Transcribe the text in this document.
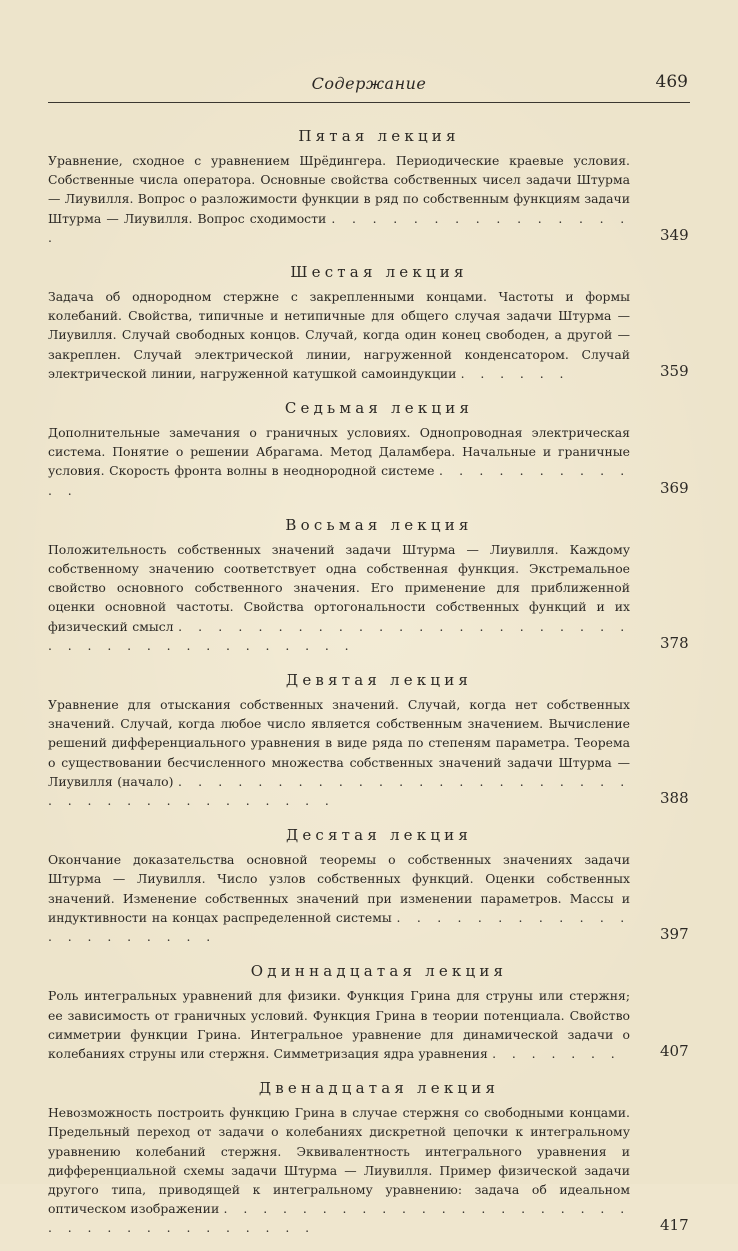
Содержание	469
Пятая лекция
Уравнение, сходное с уравнением Шрёдингера. Периодические краевые условия. Собственные числа оператора. Основные свойства собственных чисел задачи Штурма — Лиувилля. Вопрос о разложимости функции в ряд по собственным функциям задачи Штурма — Лиувилля. Вопрос сходимости . . . . . . . . . . . . . . . .	349
Шестая лекция
Задача об однородном стержне с закрепленными концами. Частоты и формы колебаний. Свойства, типичные и нетипичные для общего случая задачи Штурма — Лиувилля. Случай свободных концов. Случай, когда один конец свободен, а другой — закреплен. Случай электрической линии, нагруженной конденсатором. Случай электрической линии, нагруженной катушкой самоиндукции . . . . . .	359
Седьмая лекция
Дополнительные замечания о граничных условиях. Однопроводная электрическая система. Понятие о решении Абрагама. Метод Даламбера. Начальные и граничные условия. Скорость фронта волны в неоднородной системе . . . . . . . . . . . .	369
Восьмая лекция
Положительность собственных значений задачи Штурма — Лиувилля. Каждому собственному значению соответствует одна собственная функция. Экстремальное свойство основного собственного значения. Его применение для приближенной оценки основной частоты. Свойства ортогональности собственных функций и их физический смысл . . . . . . . . . . . . . . . . . . . . . . . . . . . . . . . . . . . . . . .	378
Девятая лекция
Уравнение для отыскания собственных значений. Случай, когда нет собственных значений. Случай, когда любое число является собственным значением. Вычисление решений дифференциального уравнения в виде ряда по степеням параметра. Теорема о существовании бесчисленного множества собственных значений задачи Штурма — Лиувилля (начало) . . . . . . . . . . . . . . . . . . . . . . . . . . . . . . . . . . . . . .	388
Десятая лекция
Окончание доказательства основной теоремы о собственных значениях задачи Штурма — Лиувилля. Число узлов собственных функций. Оценки собственных значений. Изменение собственных значений при изменении параметров. Массы и индуктивности на концах распределенной системы . . . . . . . . . . . . . . . . . . . . .	397
Одиннадцатая лекция
Роль интегральных уравнений для физики. Функция Грина для струны или стержня; ее зависимость от граничных условий. Функция Грина в теории потенциала. Свойство симметрии функции Грина. Интегральное уравнение для динамической задачи о колебаниях струны или стержня. Симметризация ядра уравнения . . . . . . .	407
Двенадцатая лекция
Невозможность построить функцию Грина в случае стержня со свободными концами. Предельный переход от задачи о колебаниях дискретной цепочки к интегральному уравнению колебаний стержня. Эквивалентность интегрального уравнения и дифференциальной схемы задачи Штурма — Лиувилля. Пример физической задачи другого типа, приводящей к интегральному уравнению: задача об идеальном оптическом изображении . . . . . . . . . . . . . . . . . . . . . . . . . . . . . . . . . . .	417
